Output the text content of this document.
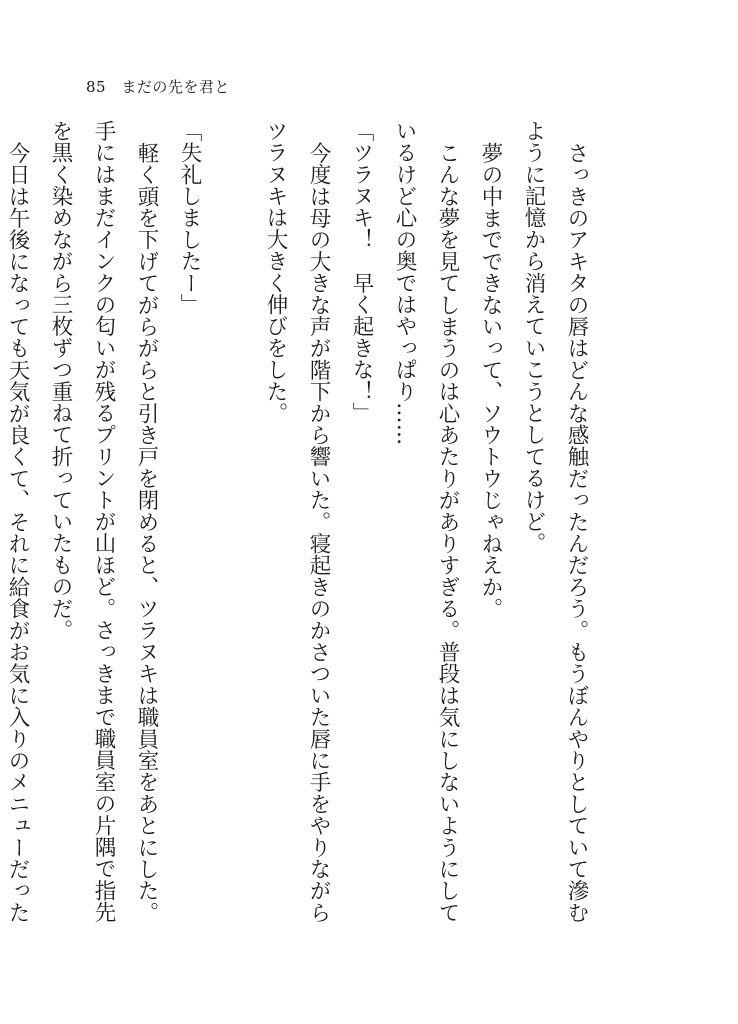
85 まだの先を君と

さっきのアキタの唇はどんな感触だったんだろう。もうぼんやりとしていて滲むように記憶から消えていこうとしてるけど。

夢の中までできないって、ソウトウじゃねえか。

こんな夢を見てしまうのは心あたりがありすぎる。普段は気にしないようにしているけど心の奥ではやっぱり……

「ツラヌキ！　早く起きな！」

今度は母の大きな声が階下から響いた。寝起きのかさついた唇に手をやりながらツラヌキは大きく伸びをした。

「失礼しましたー」

軽く頭を下げてがらがらと引き戸を閉めると、ツラヌキは職員室をあとにした。手にはまだインクの匂いが残るプリントが山ほど。さっきまで職員室の片隅で指先を黒く染めながら三枚ずつ重ねて折っていたものだ。

今日は午後になっても天気が良くて、それに給食がお気に入りのメニューだった
